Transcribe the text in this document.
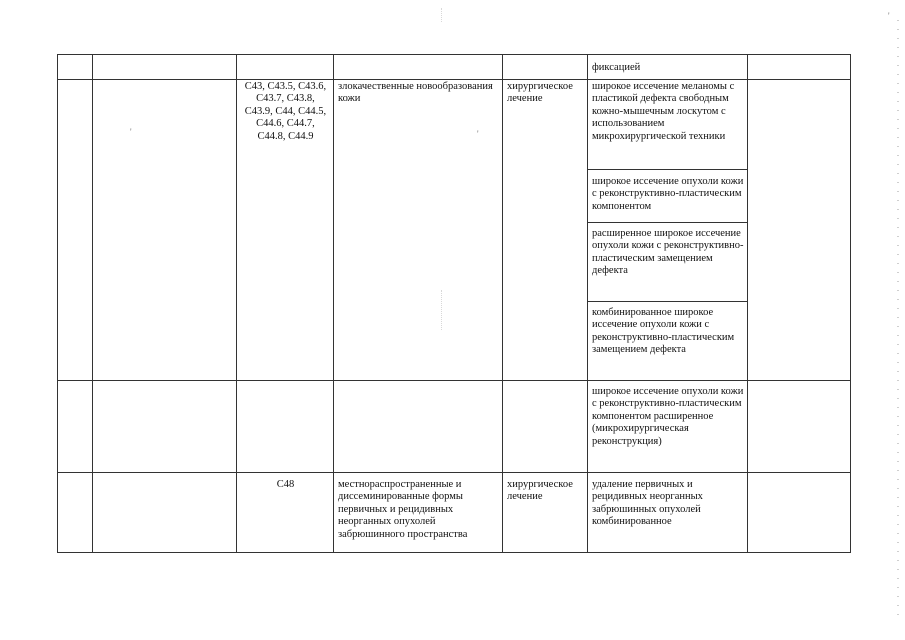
'	'
'
					фиксацией	
		C43, C43.5, C43.6, C43.7, C43.8, C43.9, C44, C44.5, C44.6, C44.7, C44.8, C44.9	злокачественные новообразования кожи	хирургическое лечение	широкое иссечение меланомы с пластикой дефекта свободным кожно-мышечным лоскутом с использованием микрохирургической техники	
					широкое иссечение опухоли кожи с реконструктивно-пластическим компонентом	
					расширенное широкое иссечение опухоли кожи с реконструктивно-пластическим замещением дефекта	
					комбинированное широкое иссечение опухоли кожи с реконструктивно-пластическим замещением дефекта	
					широкое иссечение опухоли кожи с реконструктивно-пластическим компонентом расширенное (микрохирургическая реконструкция)	
		C48	местнораспространенные и диссеминированные формы первичных и рецидивных неорганных опухолей забрюшинного пространства	хирургическое лечение	удаление первичных и рецидивных неорганных забрюшинных опухолей комбинированное	
